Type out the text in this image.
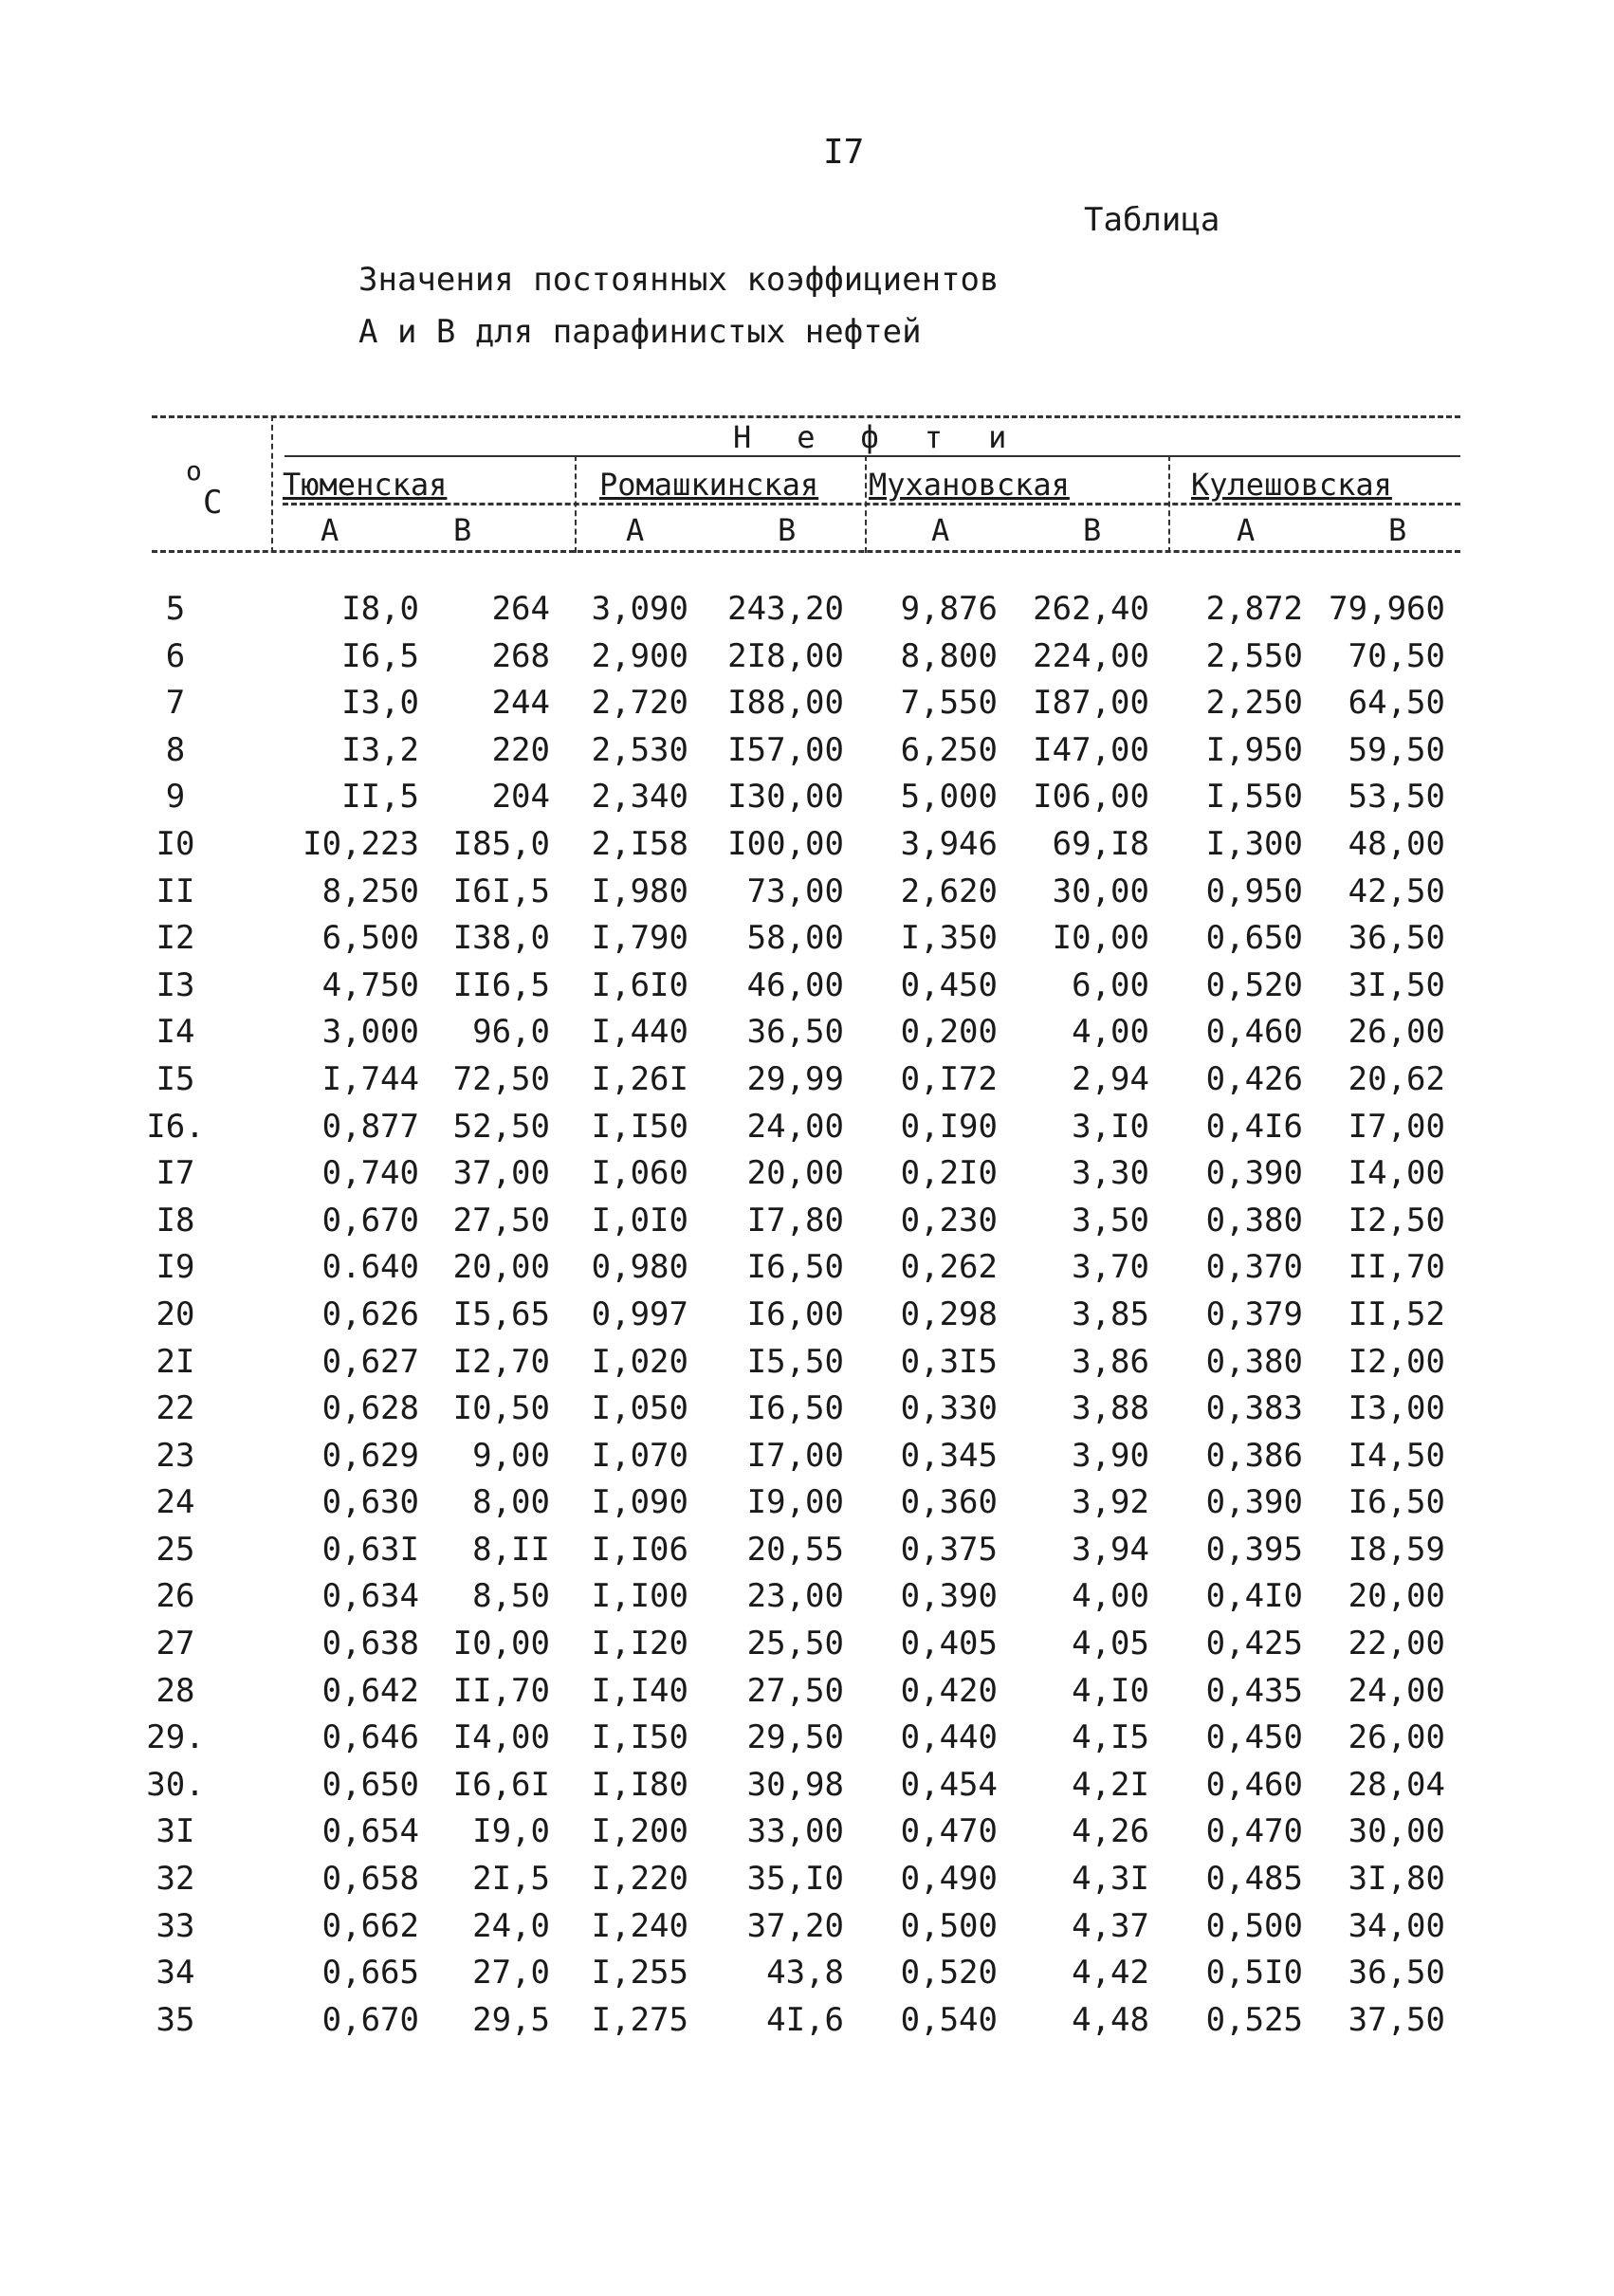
I7
Таблица
Значения постоянных коэффициентов
А и В для парафинистых нефтей
о
С
Нефти
Тюменская	Ромашкинская Мухановская	Кулешовская
А	В	А	В	А	В	А	В
5	I8,0	264	3,090	243,20	9,876	262,40	2,872 79,960
6	I6,5	268	2,900	2I8,00	8,800	224,00	2,550	70,50
7	I3,0	244	2,720	I88,00	7,550	I87,00	2,250	64,50
8	I3,2	220	2,530	I57,00	6,250	I47,00	I,950	59,50
9	II,5	204	2,340	I30,00	5,000	I06,00	I,550	53,50
I0	I0,223	I85,0	2,I58	I00,00	3,946	69,I8	I,300	48,00
II	8,250	I6I,5	I,980	73,00	2,620	30,00	0,950	42,50
I2	6,500	I38,0	I,790	58,00	I,350	I0,00	0,650	36,50
I3	4,750	II6,5	I,6I0	46,00	0,450	6,00	0,520	3I,50
I4	3,000	96,0	I,440	36,50	0,200	4,00	0,460	26,00
I5	I,744	72,50	I,26I	29,99	0,I72	2,94	0,426	20,62
I6.	0,877	52,50	I,I50	24,00	0,I90	3,I0	0,4I6	I7,00
I7	0,740	37,00	I,060	20,00	0,2I0	3,30	0,390	I4,00
I8	0,670	27,50	I,0I0	I7,80	0,230	3,50	0,380	I2,50
I9	0.640	20,00	0,980	I6,50	0,262	3,70	0,370	II,70
20	0,626	I5,65	0,997	I6,00	0,298	3,85	0,379	II,52
2I	0,627	I2,70	I,020	I5,50	0,3I5	3,86	0,380	I2,00
22	0,628	I0,50	I,050	I6,50	0,330	3,88	0,383	I3,00
23	0,629	9,00	I,070	I7,00	0,345	3,90	0,386	I4,50
24	0,630	8,00	I,090	I9,00	0,360	3,92	0,390	I6,50
25	0,63I	8,II	I,I06	20,55	0,375	3,94	0,395	I8,59
26	0,634	8,50	I,I00	23,00	0,390	4,00	0,4I0	20,00
27	0,638	I0,00	I,I20	25,50	0,405	4,05	0,425	22,00
28	0,642	II,70	I,I40	27,50	0,420	4,I0	0,435	24,00
29.	0,646	I4,00	I,I50	29,50	0,440	4,I5	0,450	26,00
30.	0,650	I6,6I	I,I80	30,98	0,454	4,2I	0,460	28,04
3I	0,654	I9,0	I,200	33,00	0,470	4,26	0,470	30,00
32	0,658	2I,5	I,220	35,I0	0,490	4,3I	0,485	3I,80
33	0,662	24,0	I,240	37,20	0,500	4,37	0,500	34,00
34	0,665	27,0	I,255	43,8	0,520	4,42	0,5I0	36,50
35	0,670	29,5	I,275	4I,6	0,540	4,48	0,525	37,50
